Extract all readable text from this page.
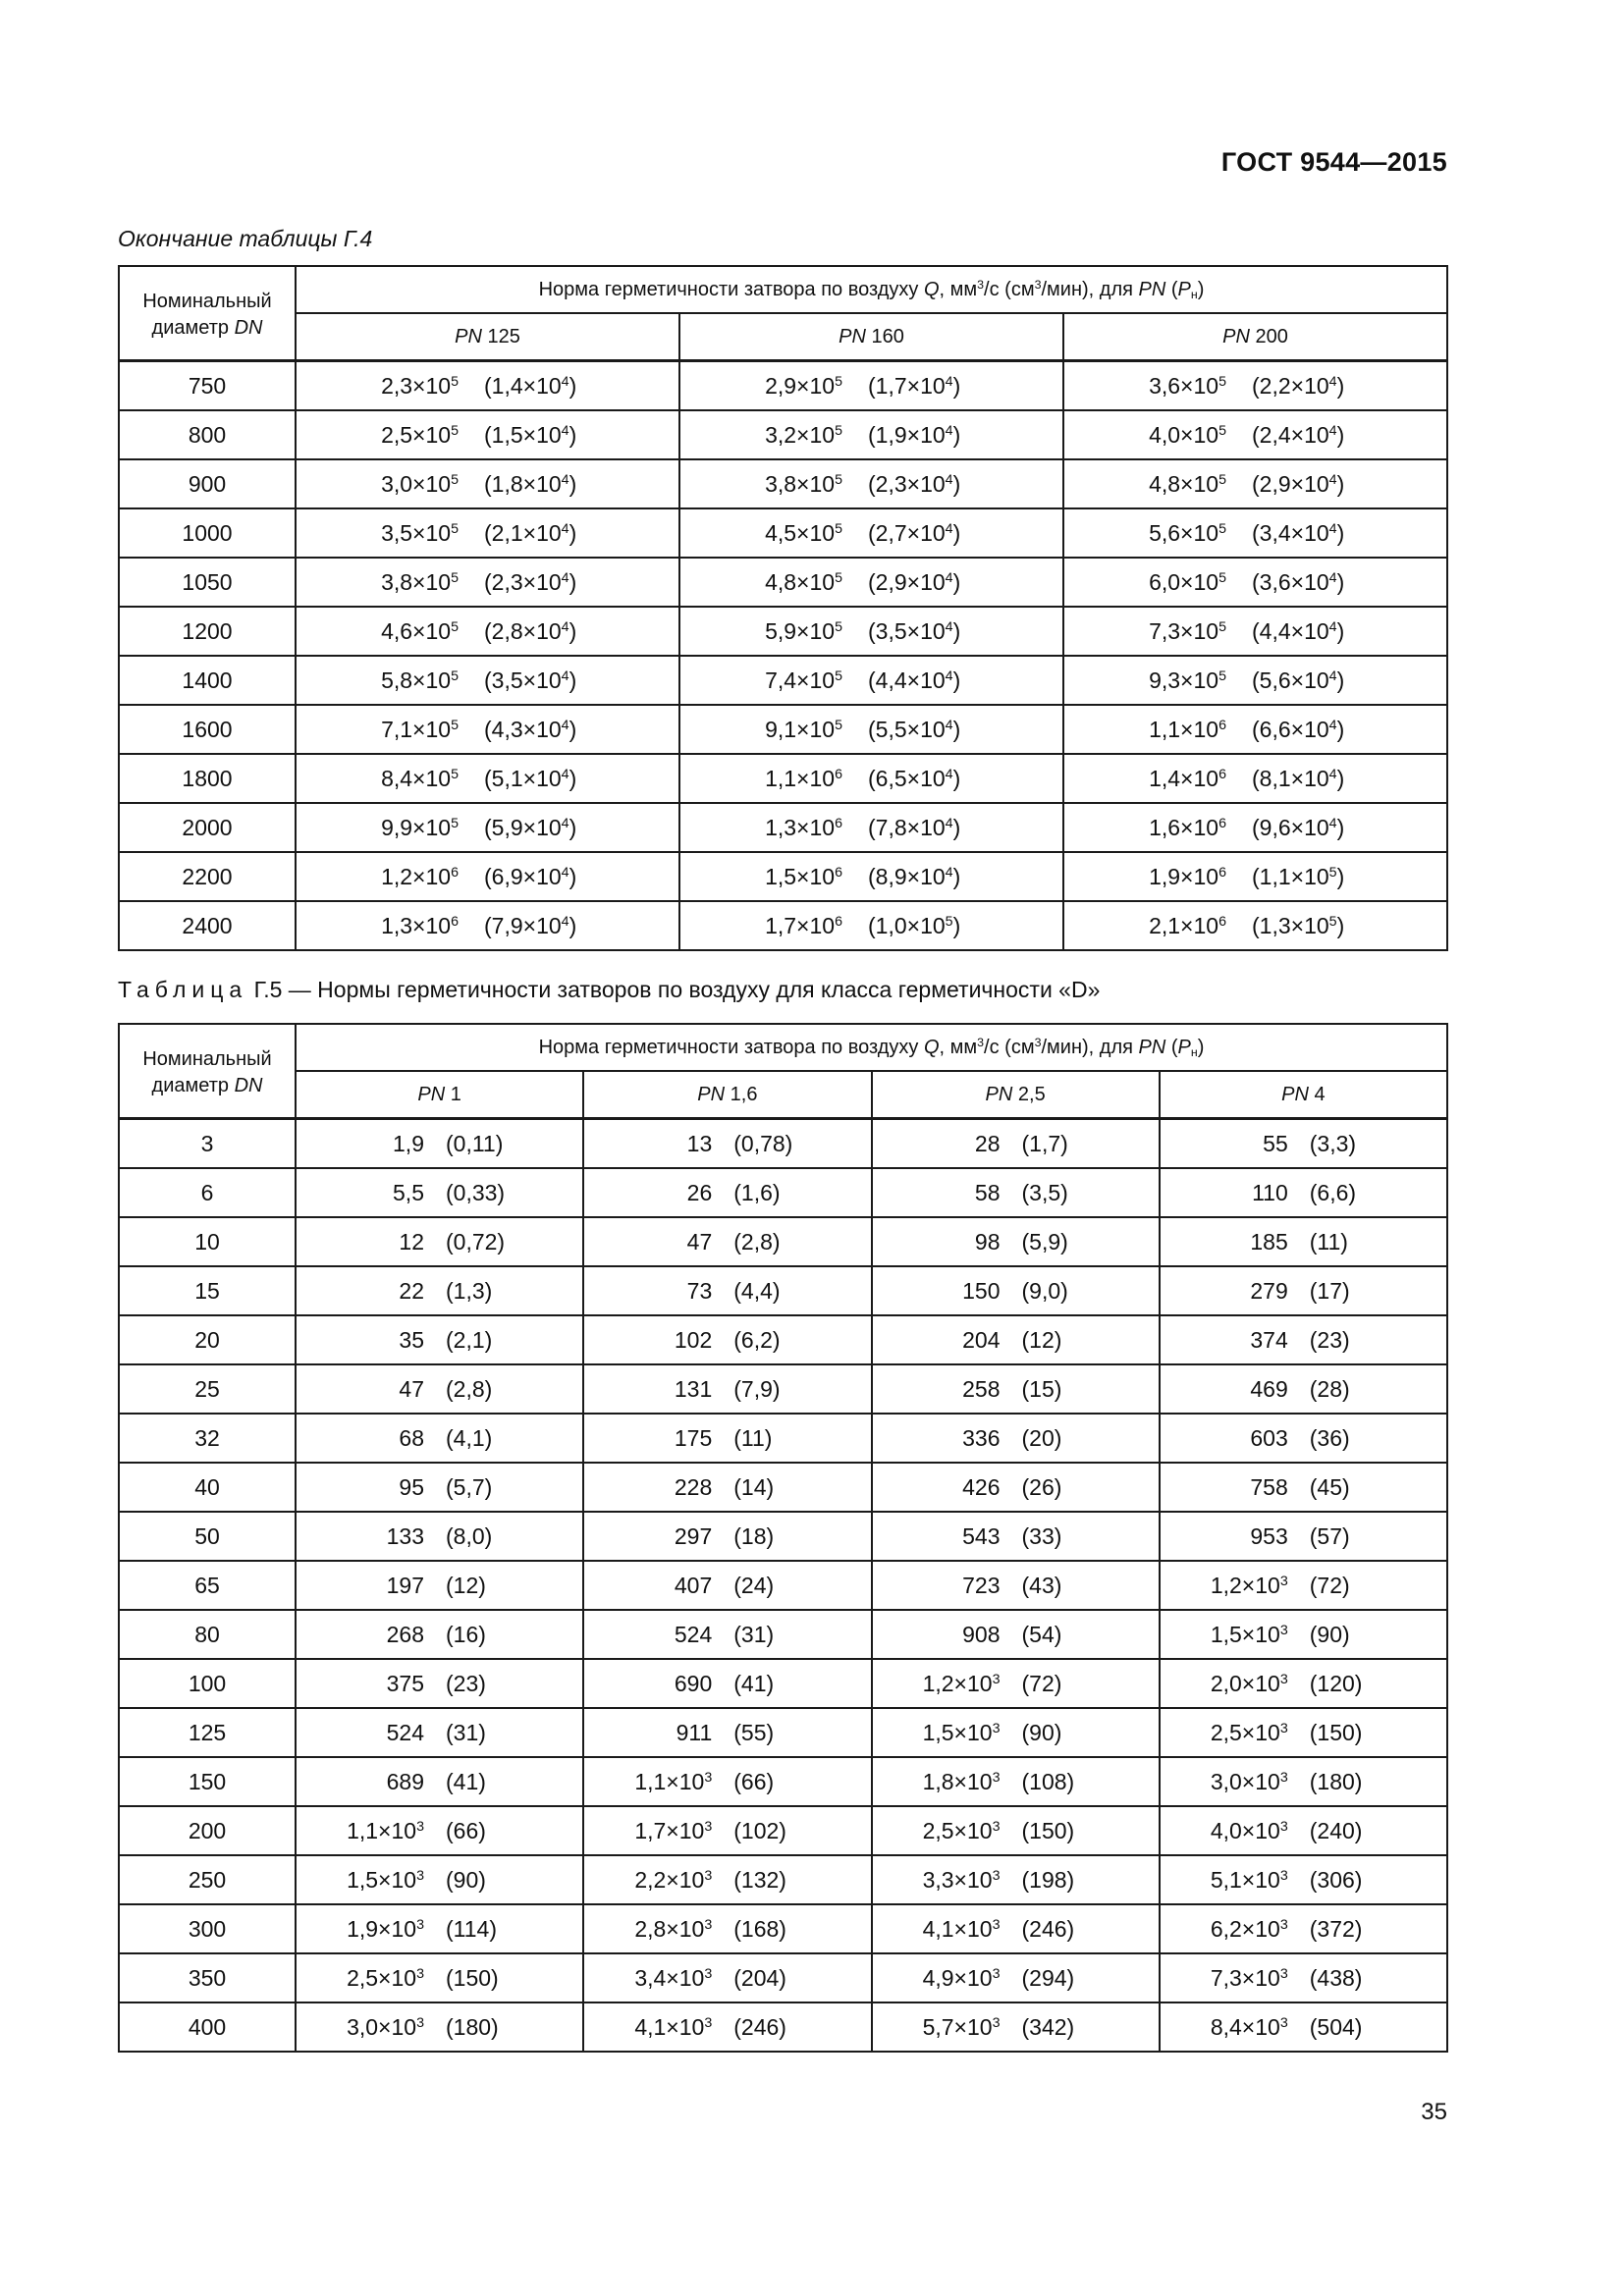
ГОСТ 9544—2015
Окончание таблицы Г.4
Номинальный
диаметр DN	Норма герметичности затвора по воздуху Q, $мм^3/с$ $(см^3/мин)$, для PN $(P_н)$		
	PN 125	PN 160	PN 200
750	$2,3\times 10^5$ $(1,4\times 10^4)$	$2,9\times 10^5$ $(1,7\times 10^4)$	$3,6\times 10^5$ $(2,2\times 10^4)$

800	$2,5\times 10^5$ $(1,5\times 10^4)$	$3,2\times 10^5$ $(1,9\times 10^4)$	$4,0\times 10^5$ $(2,4\times 10^4)$

900	$3,0\times 10^5$ $(1,8\times 10^4)$	$3,8\times 10^5$ $(2,3\times 10^4)$	$4,8\times 10^5$ $(2,9\times 10^4)$

1000	$3,5\times 10^5$ $(2,1\times 10^4)$	$4,5\times 10^5$ $(2,7\times 10^4)$	$5,6\times 10^5$ $(3,4\times 10^4)$

1050	$3,8\times 10^5$ $(2,3\times 10^4)$	$4,8\times 10^5$ $(2,9\times 10^4)$	$6,0\times 10^5$ $(3,6\times 10^4)$

1200	$4,6\times 10^5$ $(2,8\times 10^4)$	$5,9\times 10^5$ $(3,5\times 10^4)$	$7,3\times 10^5$ $(4,4\times 10^4)$

1400	$5,8\times 10^5$ $(3,5\times 10^4)$	$7,4\times 10^5$ $(4,4\times 10^4)$	$9,3\times 10^5$ $(5,6\times 10^4)$

1600	$7,1\times 10^5$ $(4,3\times 10^4)$	$9,1\times 10^5$ $(5,5\times 10^4)$	$1,1\times 10^6$ $(6,6\times 10^4)$

1800	$8,4\times 10^5$ $(5,1\times 10^4)$	$1,1\times 10^6$ $(6,5\times 10^4)$	$1,4\times 10^6$ $(8,1\times 10^4)$

2000	$9,9\times 10^5$ $(5,9\times 10^4)$	$1,3\times 10^6$ $(7,8\times 10^4)$	$1,6\times 10^6$ $(9,6\times 10^4)$

2200	$1,2\times 10^6$ $(6,9\times 10^4)$	$1,5\times 10^6$ $(8,9\times 10^4)$	$1,9\times 10^6$ $(1,1\times 10^5)$

2400	$1,3\times 10^6$ $(7,9\times 10^4)$	$1,7\times 10^6$ $(1,0\times 10^5)$	$2,1\times 10^6$ $(1,3\times 10^5)$
Таблица Г.5 — Нормы герметичности затворов по воздуху для класса герметичности «D»
Номинальный
диаметр DN	Норма герметичности затвора по воздуху Q, $мм^3/с$ $(см^3/мин)$, для PN $(P_н)$			
	PN 1	PN 1,6	PN 2,5	PN 4
3	1,9 (0,11)	13 (0,78)	28 (1,7)	55 (3,3)

6	5,5 (0,33)	26 (1,6)	58 (3,5)	110 (6,6)

10	12 (0,72)	47 (2,8)	98 (5,9)	185 (11)

15	22 (1,3)	73 (4,4)	150 (9,0)	279 (17)

20	35 (2,1)	102 (6,2)	204 (12)	374 (23)

25	47 (2,8)	131 (7,9)	258 (15)	469 (28)

32	68 (4,1)	175 (11)	336 (20)	603 (36)

40	95 (5,7)	228 (14)	426 (26)	758 (45)

50	133 (8,0)	297 (18)	543 (33)	953 (57)

65	197 (12)	407 (24)	723 (43)	$1,2\times 10^3$ (72)

80	268 (16)	524 (31)	908 (54)	$1,5\times 10^3$ (90)

100	375 (23)	690 (41)	$1,2\times 10^3$ (72)	$2,0\times 10^3$ (120)

125	524 (31)	911 (55)	$1,5\times 10^3$ (90)	$2,5\times 10^3$ (150)

150	689 (41)	$1,1\times 10^3$ (66)	$1,8\times 10^3$ (108)	$3,0\times 10^3$ (180)

200	$1,1\times 10^3$ (66)	$1,7\times 10^3$ (102)	$2,5\times 10^3$ (150)	$4,0\times 10^3$ (240)

250	$1,5\times 10^3$ (90)	$2,2\times 10^3$ (132)	$3,3\times 10^3$ (198)	$5,1\times 10^3$ (306)

300	$1,9\times 10^3$ (114)	$2,8\times 10^3$ (168)	$4,1\times 10^3$ (246)	$6,2\times 10^3$ (372)

350	$2,5\times 10^3$ (150)	$3,4\times 10^3$ (204)	$4,9\times 10^3$ (294)	$7,3\times 10^3$ (438)

400	$3,0\times 10^3$ (180)	$4,1\times 10^3$ (246)	$5,7\times 10^3$ (342)	$8,4\times 10^3$ (504)
35
